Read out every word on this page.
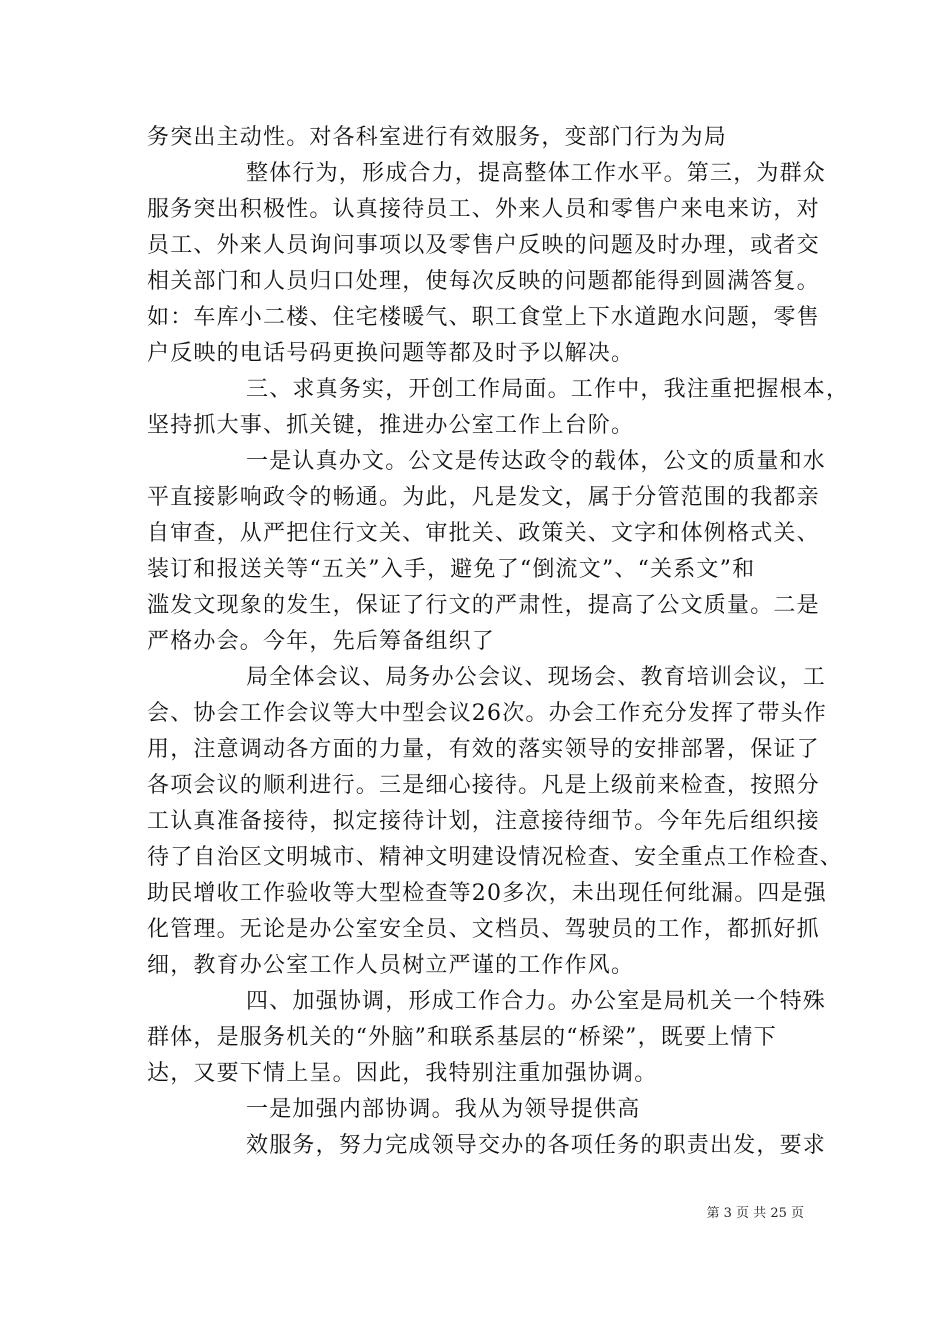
务突出主动性。对各科室进行有效服务，变部门行为为局
整体行为，形成合力，提高整体工作水平。第三，为群众
服务突出积极性。认真接待员工、外来人员和零售户来电来访，对
员工、外来人员询问事项以及零售户反映的问题及时办理，或者交
相关部门和人员归口处理，使每次反映的问题都能得到圆满答复。
如：车库小二楼、住宅楼暖气、职工食堂上下水道跑水问题，零售
户反映的电话号码更换问题等都及时予以解决。
三、求真务实，开创工作局面。工作中，我注重把握根本，
坚持抓大事、抓关键，推进办公室工作上台阶。
一是认真办文。公文是传达政令的载体，公文的质量和水
平直接影响政令的畅通。为此，凡是发文，属于分管范围的我都亲
自审查，从严把住行文关、审批关、政策关、文字和体例格式关、
装订和报送关等“五关”入手，避免了“倒流文”、“关系文”和
滥发文现象的发生，保证了行文的严肃性，提高了公文质量。二是
严格办会。今年，先后筹备组织了
局全体会议、局务办公会议、现场会、教育培训会议，工
会、协会工作会议等大中型会议26次。办会工作充分发挥了带头作
用，注意调动各方面的力量，有效的落实领导的安排部署，保证了
各项会议的顺利进行。三是细心接待。凡是上级前来检查，按照分
工认真准备接待，拟定接待计划，注意接待细节。今年先后组织接
待了自治区文明城市、精神文明建设情况检查、安全重点工作检查、
助民增收工作验收等大型检查等20多次，未出现任何纰漏。四是强
化管理。无论是办公室安全员、文档员、驾驶员的工作，都抓好抓
细，教育办公室工作人员树立严谨的工作作风。
四、加强协调，形成工作合力。办公室是局机关一个特殊
群体，是服务机关的“外脑”和联系基层的“桥梁”，既要上情下
达，又要下情上呈。因此，我特别注重加强协调。
一是加强内部协调。我从为领导提供高
效服务，努力完成领导交办的各项任务的职责出发，要求
第 3 页 共 25 页
